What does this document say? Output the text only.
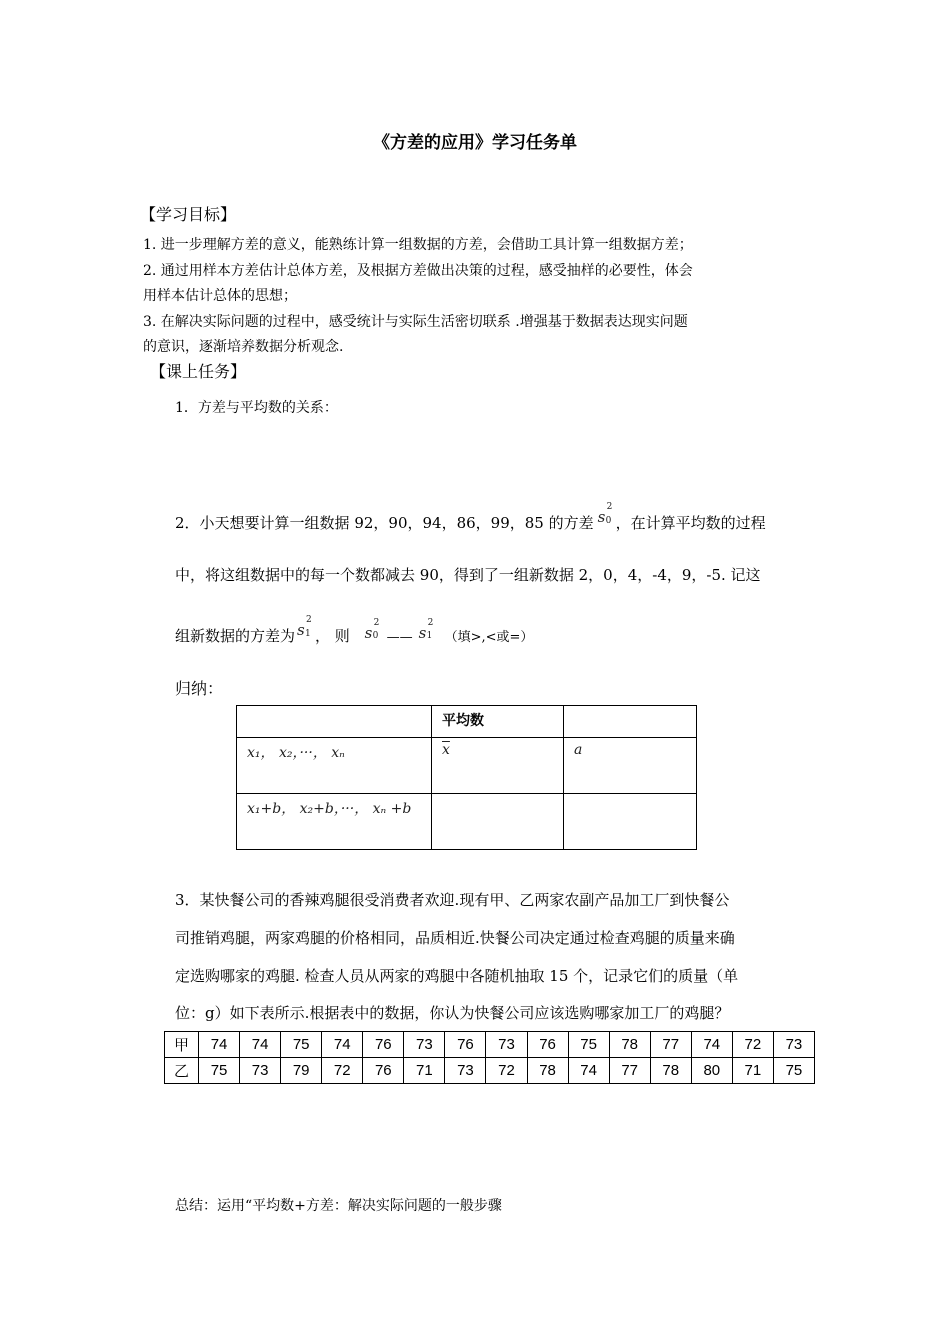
《方差的应用》学习任务单
【学习目标】
1. 进一步理解方差的意义，能熟练计算一组数据的方差，会借助工具计算一组数据方差；
2. 通过用样本方差估计总体方差，及根据方差做出决策的过程，感受抽样的必要性，体会
用样本估计总体的思想；
3. 在解决实际问题的过程中，感受统计与实际生活密切联系 .增强基于数据表达现实问题
的意识，逐渐培养数据分析观念.
【课上任务】
1．方差与平均数的关系：
2．小天想要计算一组数据 92，90，94，86，99，85 的方差 s
2
0 ，在计算平均数的过程
中，将这组数据中的每一个数都减去 90，得到了一组新数据 2，0，4，-4，9，-5. 记这
组新数据的方差为 s
2
1 ， 则 s
2
0 —— s
2
1 （填>,<或=）
归纳：
	平均数	
x₁， x₂，···， xₙ	$\overline{x}$	a
x₁+b， x₂+b，···， xₙ +b		
3．某快餐公司的香辣鸡腿很受消费者欢迎.现有甲、乙两家农副产品加工厂到快餐公
司推销鸡腿，两家鸡腿的价格相同，品质相近.快餐公司决定通过检查鸡腿的质量来确
定选购哪家的鸡腿. 检查人员从两家的鸡腿中各随机抽取 15 个，记录它们的质量（单
位：g）如下表所示.根据表中的数据，你认为快餐公司应该选购哪家加工厂的鸡腿？
甲	74	74	75	74	76	73	76	73	76	75	78	77	74	72	73
乙	75	73	79	72	76	71	73	72	78	74	77	78	80	71	75
总结：运用“平均数+方差：解决实际问题的一般步骤
